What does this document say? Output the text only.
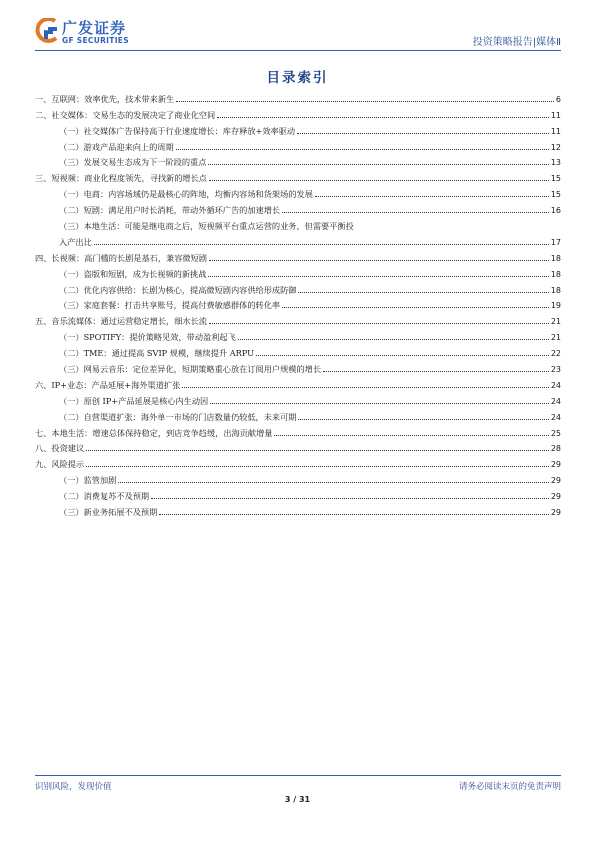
广发证券
GF SECURITIES	投资策略报告|媒体Ⅱ
目录索引
一、互联网：效率优先，技术带来新生	6
二、社交媒体：交易生态的发展决定了商业化空间	11
（一）社交媒体广告保持高于行业速度增长：库存释放+效率驱动	11
（二）游戏产品迎来向上的周期	12
（三）发展交易生态成为下一阶段的重点	13
三、短视频：商业化程度领先，寻找新的增长点	15
（一）电商：内容场域仍是最核心的阵地，均衡内容场和货架场的发展	15
（二）短剧：满足用户时长消耗，带动外循环广告的加速增长	16
（三）本地生活：可能是继电商之后，短视频平台重点运营的业务，但需要平衡投
入产出比	17
四、长视频：高门槛的长剧是基石，兼容微短剧	18
（一）盗版和短剧，成为长视频的新挑战	18
（二）优化内容供给：长剧为核心，提高微短剧内容供给形成防御	18
（三）家庭套餐：打击共享账号，提高付费敏感群体的转化率	19
五、音乐流媒体：通过运营稳定增长，细水长流	21
（一）SPOTIFY：提价策略见效，带动盈利起飞	21
（二）TME：通过提高 SVIP 规模，继续提升 ARPU	22
（三）网易云音乐：定位差异化，短期策略重心放在订阅用户规模的增长	23
六、IP+业态：产品延展+海外渠道扩张	24
（一）原创 IP+产品延展是核心内生动因	24
（二）自营渠道扩张：海外单一市场的门店数量仍较低，未来可期	24
七、本地生活：增速总体保持稳定，到店竞争趋缓，出海贡献增量	25
八、投资建议	28
九、风险提示	29
（一）监管加剧	29
（二）消费复苏不及预期	29
（三）新业务拓展不及预期	29
识别风险，发现价值	请务必阅读末页的免责声明
3 / 31
